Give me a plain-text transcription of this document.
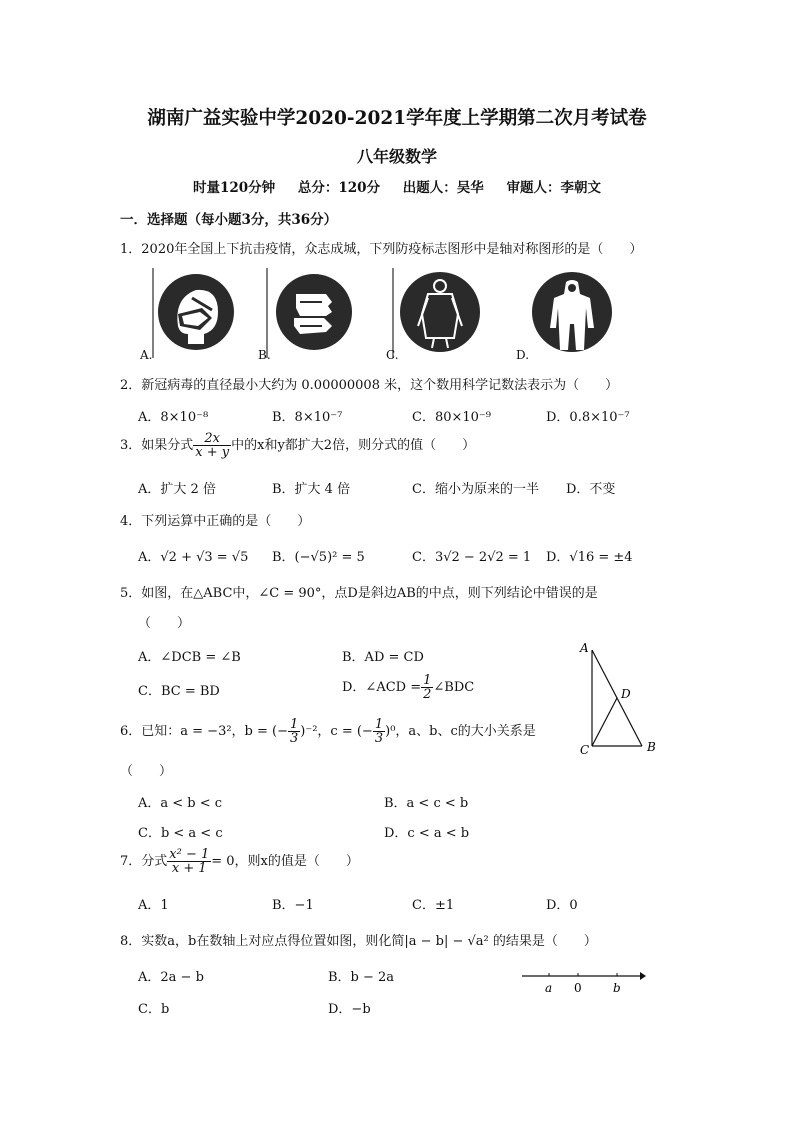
湖南广益实验中学2020-2021学年度上学期第二次月考试卷
八年级数学
时量120分钟 总分：120分 出题人：吴华 审题人：李朝文
一．选择题（每小题3分，共36分）
1．2020年全国上下抗击疫情，众志成城，下列防疫标志图形中是轴对称图形的是（　　）
A.	B.	C.	D.
2．新冠病毒的直径最小大约为 0.00000008 米，这个数用科学记数法表示为（　　）
A．8×10⁻⁸	B．8×10⁻⁷	C．80×10⁻⁹	D．0.8×10⁻⁷
3．如果分式 $\frac{2x}{x + y}$ 中的x和y都扩大2倍，则分式的值（　　）
A．扩大 2 倍	B．扩大 4 倍	C．缩小为原来的一半 D．不变
4．下列运算中正确的是（　　）
A．√2 + √3 = √5 B．(−√5)² = 5	C．3√2 − 2√2 = 1 D．√16 = ±4
5．如图，在△ABC中，∠C = 90°，点D是斜边AB的中点，则下列结论中错误的是
（　　）
A．∠DCB = ∠B	B．AD = CD
C．BC = BD	D．∠ACD = $\frac{1}{2}$ ∠BDC
A
D
C	B
6．已知：a = −3²，b = (− $\frac{1}{3} )^{-2}$，c = (− $\frac{1}{3} )^0$，a、b、c的大小关系是
（　　）
A．a < b < c	B．a < c < b
C．b < a < c	D．c < a < b
7．分式 $\frac{\text{x² − 1}}{x + 1} = 0$，则x的值是（　　）
A．1	B．−1	C．±1	D．0
8．实数a，b在数轴上对应点得位置如图，则化简|a − b| − √a² 的结果是（　　）
A．2a − b	B．b − 2a
C．b	D．−b
a 0	b
